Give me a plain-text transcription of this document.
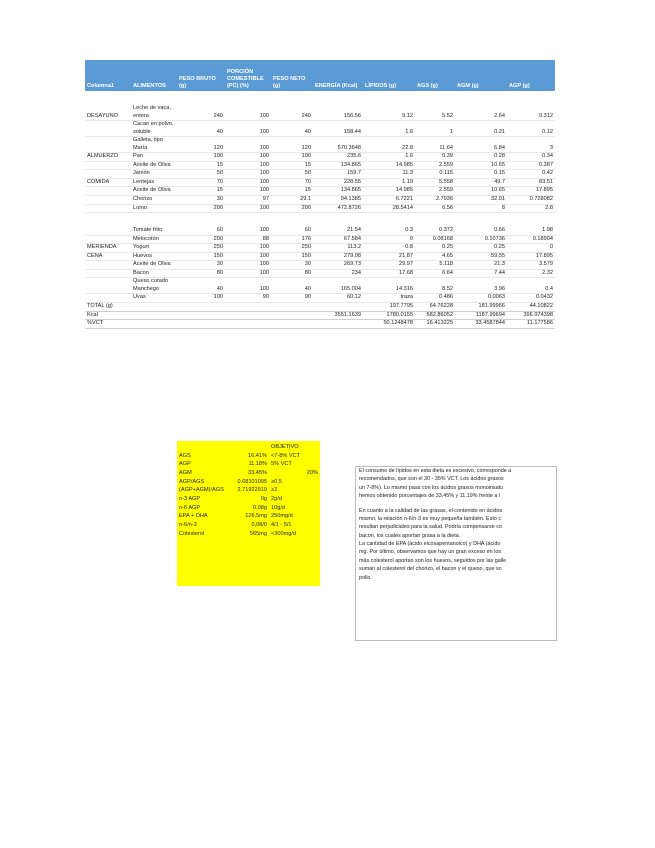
Columna1	ALIMENTOS	PESO BRUTO (g)	PORCIÓN COMESTIBLE (PC) (%)	PESO NETO (g)	ENERGÍA (Kcal)	LÍPIDOS (g)	AGS (g)	AGM (g)	AGP (g)

DESAYUNO	Leche de vaca, entera	240	100	240	156.56	9.12	5.52	2.64	0.312
	Cacao en polvo, soluble	40	100	40	158.44	1.6	1	0.21	0.12
	Galleta, tipo María	120	100	120	570.3648	22.8	11.64	6.84	3
ALMUERZO	Pan	100	100	100	235.6	1.6	0.39	0.28	0.34
	Aceite de Oliva	15	100	15	134.865	14.985	2.559	10.65	0.387
	Jamón	50	100	50	159.7	11.3	0.115	0.15	0.42
COMIDA	Lentejas	70	100	70	228.55	1.19	5.558	49.7	83.51
	Aceite de Oliva	15	100	15	134.865	14.985	2.559	10.65	17.895
	Chorizo	30	97	29.1	94.1385	6.7221	2.7936	32.01	0.728082
	Lomo	200	100	200	472.8726	28.5414	6.56	8	2.8

	Tomate frito	60	100	60	21.54	0.3	0.372	0.66	1.98
	Melocotón	200	88	176	67.584	0	0.08168	0.10736	0.18904
MERIENDA	Yogurt	250	100	250	113.2	0.8	0.25	0.25	0
CENA	Huevos	150	100	150	279.08	21.87	4.65	59.55	17.895
	Aceite de Oliva	30	100	30	269.73	29.97	5.118	21.3	3.579
	Bacon	80	100	80	234	17.68	6.64	7.44	2.32
	Queso curado Manchego	40	100	40	165.004	14.316	8.52	3.96	0.4
	Uvas	100	90	90	60.12	traza	0.486	0.0063	0.0432
TOTAL (g)						197.7795	64.76228	181.99966	44.10822
Kcal					3551.1639	1780.0155	582.86052	1187.99694	396.974398
%VCT						50.1248478	16.413225	33.4587844	11.177586
		OBJETIVO
AGS	16.41%	<7-8% VCT
AGP	11.18%	5% VCT
AGM	33.45%	20%
AGP/AGS	0.68101095	≥0,5
(AGP+AGM)/AGS	2.71922919	≥2
n-3 AGP	0g	2g/d
n-6 AGP	0,08g	10g/d
EPA + DHA	126,5mg	250mg/d
n-6/n-3	0,08/0	4/1 - 5/1
Colesterol	565mg	<300mg/d

El consumo de lípidos en esta dieta es excesivo, corresponde a
recomendados, que son el 30 - 35% VCT. Los ácidos grasos
un 7-8%). Lo mismo pasa con los ácidos grasos monoinsatu
hemos obtenido porcentajes de 33,45% y 11,19% frente a l

En cuanto a la calidad de las grasas, el contenido en ácidos
mismo, la relación n-6/n-3 es muy pequeña también. Esto c
resultan perjudiciales para la salud. Podría compensarse co
bacon, los cuales aportan grasa a la dieta.
La cantidad de EPA (ácido eicosapentanoico) y DHA (ácido
mg. Por último, observamos que hay un gran exceso en los
más colesterol aportan son los huevos, seguidos por las galle
suman al colesterol del chorizo, el bacon y el queso, que so
pollo.
